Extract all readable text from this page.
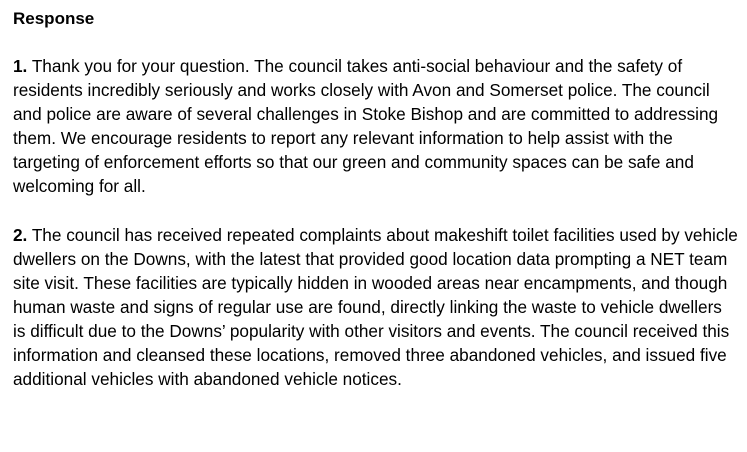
Response

1. Thank you for your question. The council takes anti-social behaviour and the safety of residents incredibly seriously and works closely with Avon and Somerset police. The council and police are aware of several challenges in Stoke Bishop and are committed to addressing them. We encourage residents to report any relevant information to help assist with the targeting of enforcement efforts so that our green and community spaces can be safe and welcoming for all.

2. The council has received repeated complaints about makeshift toilet facilities used by vehicle dwellers on the Downs, with the latest that provided good location data prompting a NET team site visit. These facilities are typically hidden in wooded areas near encampments, and though human waste and signs of regular use are found, directly linking the waste to vehicle dwellers is difficult due to the Downs’ popularity with other visitors and events. The council received this information and cleansed these locations, removed three abandoned vehicles, and issued five additional vehicles with abandoned vehicle notices.
